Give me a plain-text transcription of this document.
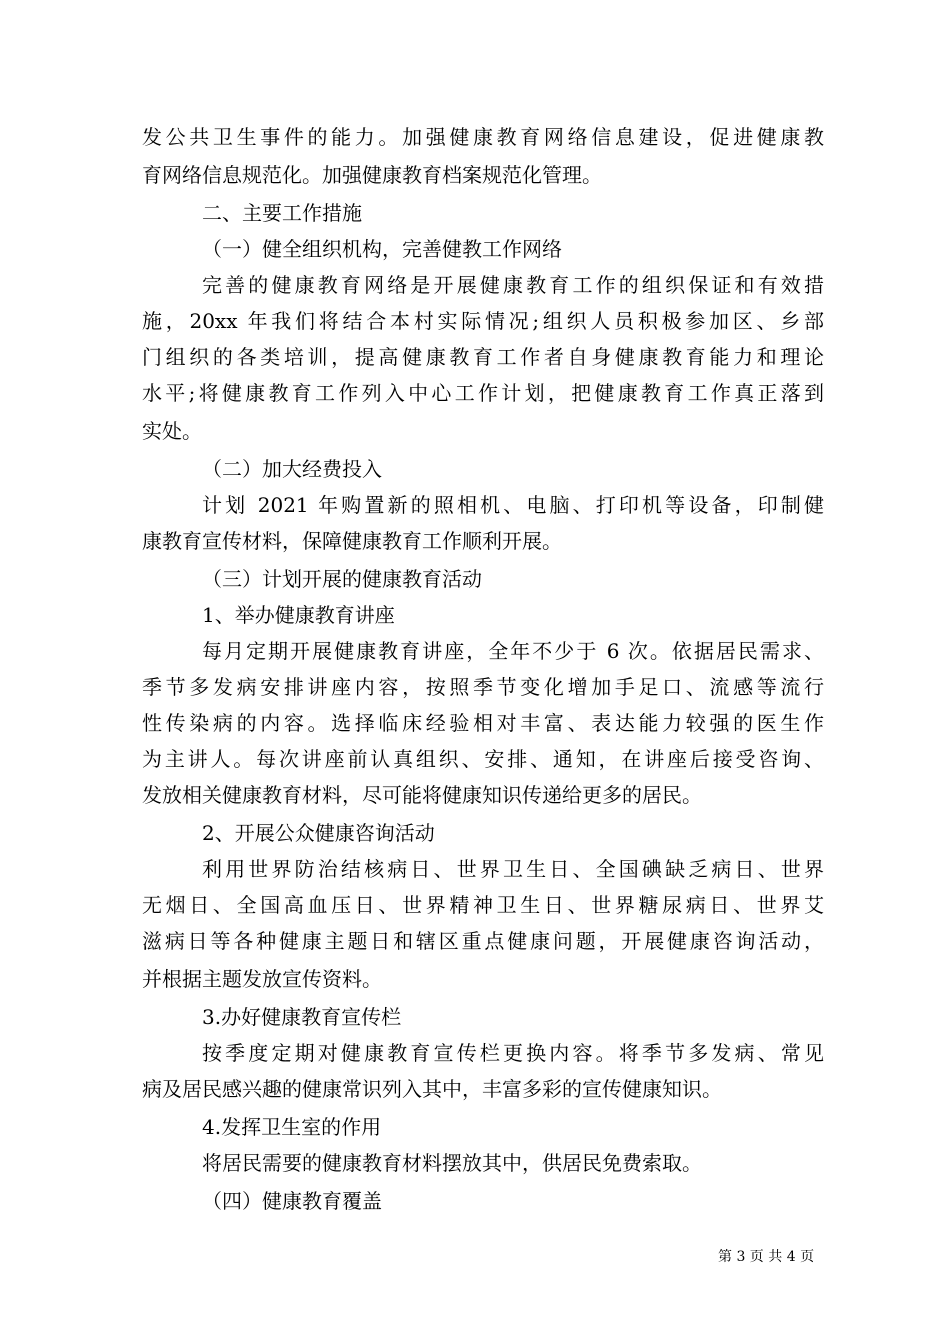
发公共卫生事件的能力。加强健康教育网络信息建设，促进健康教
育网络信息规范化。加强健康教育档案规范化管理。
二、主要工作措施
（一）健全组织机构，完善健教工作网络
完善的健康教育网络是开展健康教育工作的组织保证和有效措
施，20xx 年我们将结合本村实际情况;组织人员积极参加区、乡部
门组织的各类培训，提高健康教育工作者自身健康教育能力和理论
水平;将健康教育工作列入中心工作计划，把健康教育工作真正落到
实处。
（二）加大经费投入
计划 2021 年购置新的照相机、电脑、打印机等设备，印制健
康教育宣传材料，保障健康教育工作顺利开展。
（三）计划开展的健康教育活动
1、举办健康教育讲座
每月定期开展健康教育讲座，全年不少于 6 次。依据居民需求、
季节多发病安排讲座内容，按照季节变化增加手足口、流感等流行
性传染病的内容。选择临床经验相对丰富、表达能力较强的医生作
为主讲人。每次讲座前认真组织、安排、通知，在讲座后接受咨询、
发放相关健康教育材料，尽可能将健康知识传递给更多的居民。
2、开展公众健康咨询活动
利用世界防治结核病日、世界卫生日、全国碘缺乏病日、世界
无烟日、全国高血压日、世界精神卫生日、世界糖尿病日、世界艾
滋病日等各种健康主题日和辖区重点健康问题，开展健康咨询活动，
并根据主题发放宣传资料。
3.办好健康教育宣传栏
按季度定期对健康教育宣传栏更换内容。将季节多发病、常见
病及居民感兴趣的健康常识列入其中，丰富多彩的宣传健康知识。
4.发挥卫生室的作用
将居民需要的健康教育材料摆放其中，供居民免费索取。
（四）健康教育覆盖
第 3 页 共 4 页
